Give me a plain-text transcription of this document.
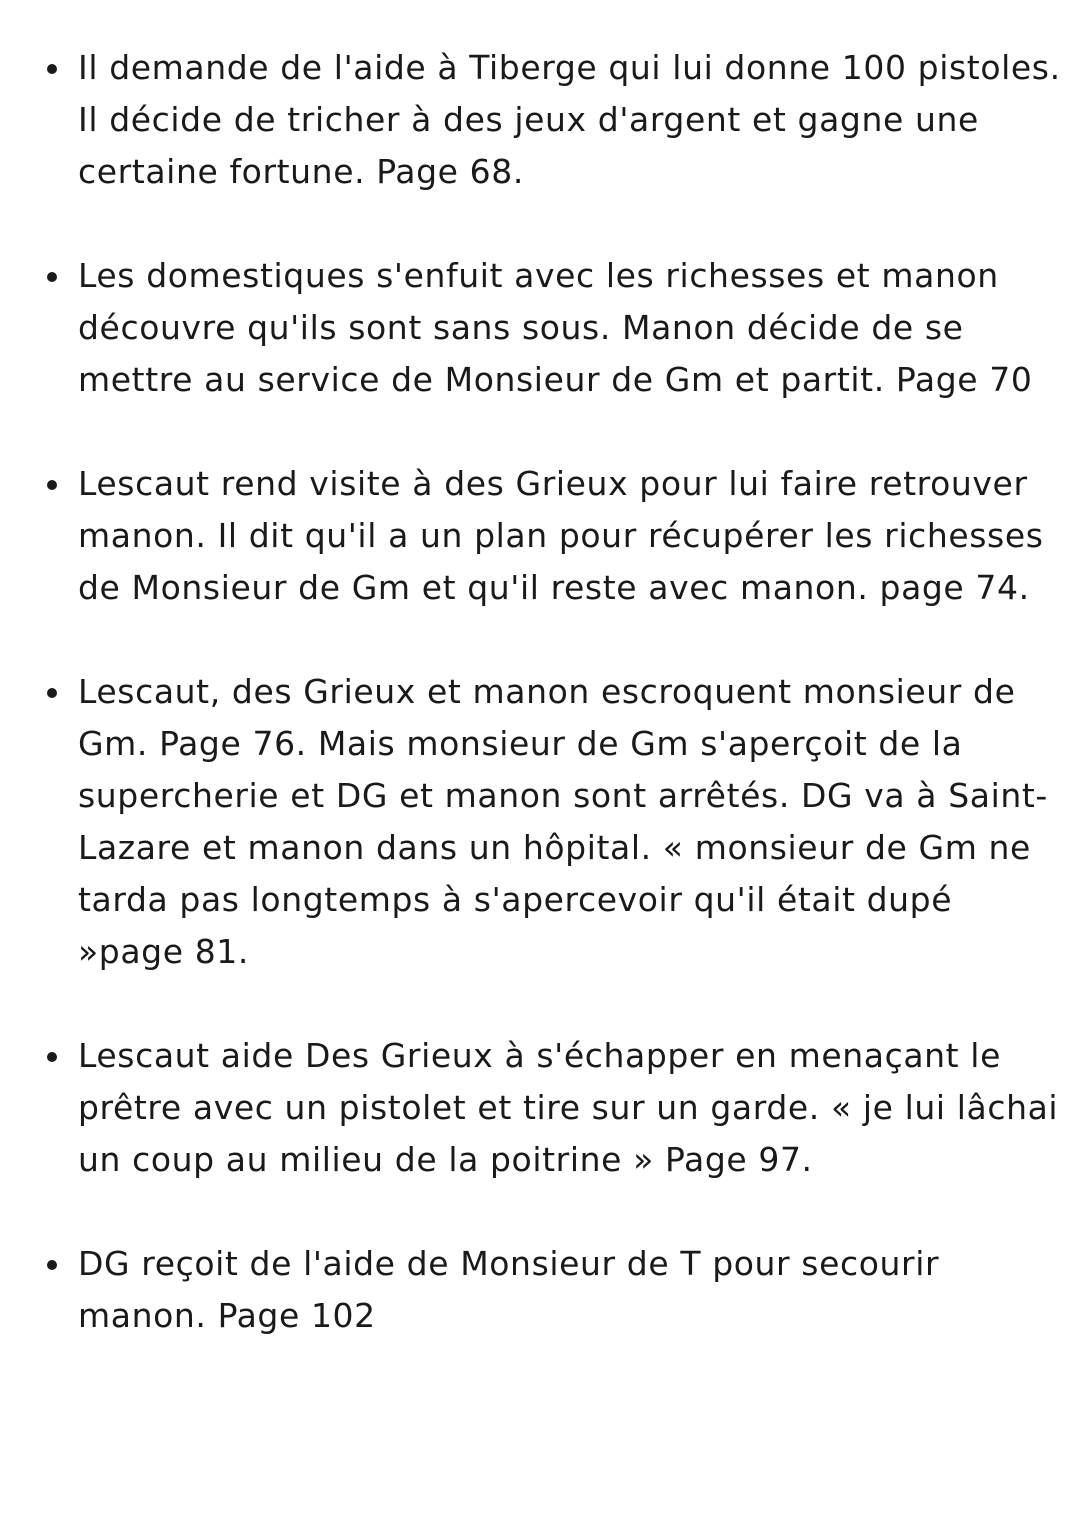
Il demande de l'aide à Tiberge qui lui donne 100 pistoles. Il décide de tricher à des jeux d'argent et gagne une certaine fortune. Page 68.
Les domestiques s'enfuit avec les richesses et manon découvre qu'ils sont sans sous. Manon décide de se mettre au service de Monsieur de Gm et partit. Page 70
Lescaut rend visite à des Grieux pour lui faire retrouver manon. Il dit qu'il a un plan pour récupérer les richesses de Monsieur de Gm et qu'il reste avec manon. page 74.
Lescaut, des Grieux et manon escroquent monsieur de Gm. Page 76. Mais monsieur de Gm s'aperçoit de la supercherie et DG et manon sont arrêtés. DG va à Saint-Lazare et manon dans un hôpital. « monsieur de Gm ne tarda pas longtemps à s'apercevoir qu'il était dupé »page 81.
Lescaut aide Des Grieux à s'échapper en menaçant le prêtre avec un pistolet et tire sur un garde. « je lui lâchai un coup au milieu de la poitrine » Page 97.
DG reçoit de l'aide de Monsieur de T pour secourir manon. Page 102
